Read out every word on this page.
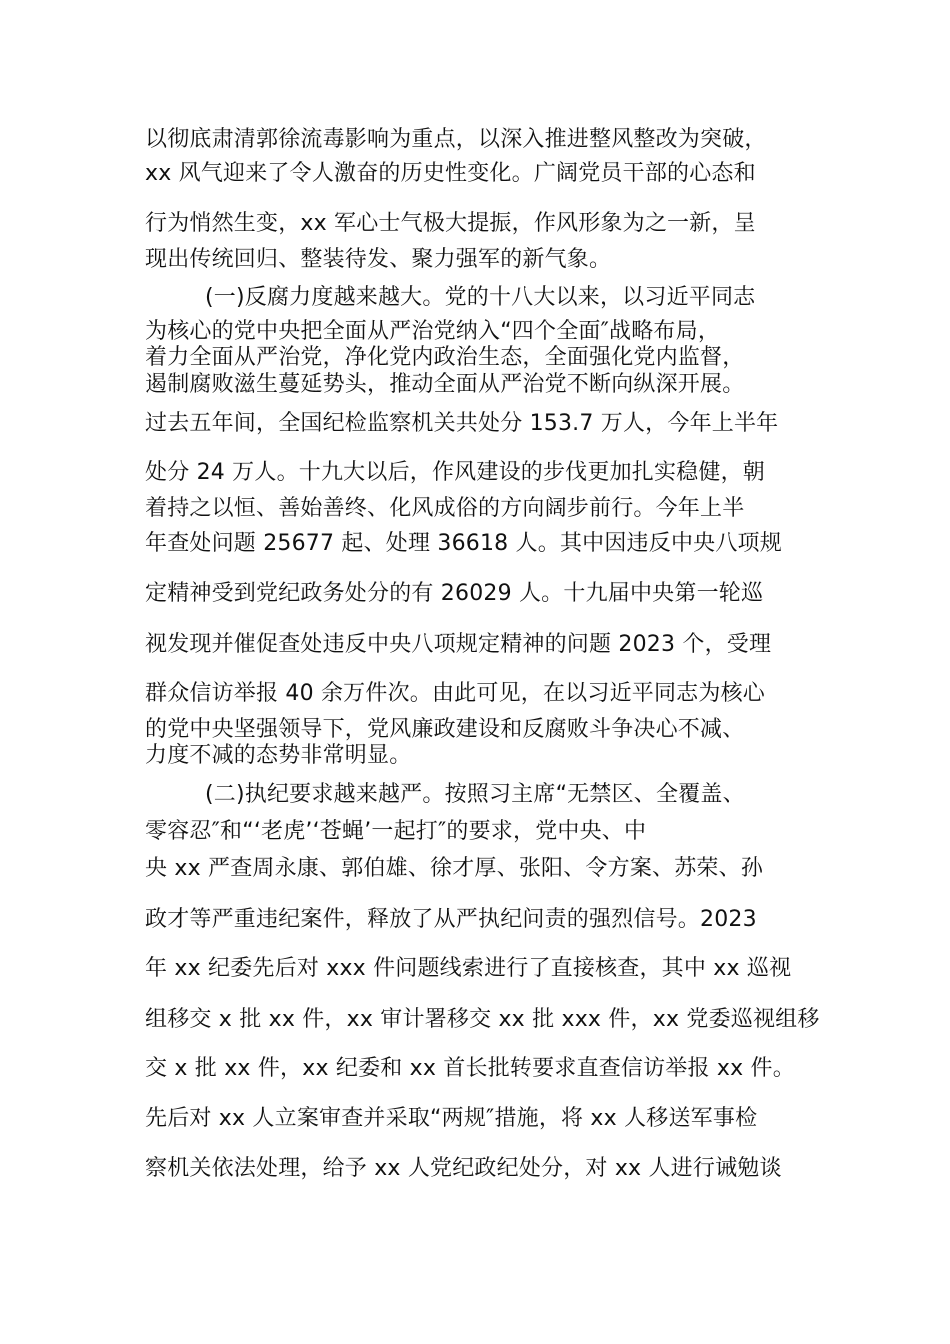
以彻底肃清郭徐流毒影响为重点，以深入推进整风整改为突破，
xx 风气迎来了令人激奋的历史性变化。广阔党员干部的心态和
行为悄然生变，xx 军心士气极大提振，作风形象为之一新，呈
现出传统回归、整装待发、聚力强军的新气象。
(一)反腐力度越来越大。党的十八大以来，以习近平同志
为核心的党中央把全面从严治党纳入“四个全面″战略布局，
着力全面从严治党，净化党内政治生态，全面强化党内监督，
遏制腐败滋生蔓延势头，推动全面从严治党不断向纵深开展。
过去五年间，全国纪检监察机关共处分 153.7 万人，今年上半年
处分 24 万人。十九大以后，作风建设的步伐更加扎实稳健，朝
着持之以恒、善始善终、化风成俗的方向阔步前行。今年上半
年查处问题 25677 起、处理 36618 人。其中因违反中央八项规
定精神受到党纪政务处分的有 26029 人。十九届中央第一轮巡
视发现并催促查处违反中央八项规定精神的问题 2023 个，受理
群众信访举报 40 余万件次。由此可见，在以习近平同志为核心
的党中央坚强领导下，党风廉政建设和反腐败斗争决心不减、
力度不减的态势非常明显。
(二)执纪要求越来越严。按照习主席“无禁区、全覆盖、
零容忍″和“‘老虎’‘苍蝇’一起打″的要求，党中央、中
央 xx 严查周永康、郭伯雄、徐才厚、张阳、令方案、苏荣、孙
政才等严重违纪案件，释放了从严执纪问责的强烈信号。2023
年 xx 纪委先后对 xxx 件问题线索进行了直接核查，其中 xx 巡视
组移交 x 批 xx 件，xx 审计署移交 xx 批 xxx 件，xx 党委巡视组移
交 x 批 xx 件，xx 纪委和 xx 首长批转要求直查信访举报 xx 件。
先后对 xx 人立案审查并采取“两规″措施，将 xx 人移送军事检
察机关依法处理，给予 xx 人党纪政纪处分，对 xx 人进行诫勉谈
